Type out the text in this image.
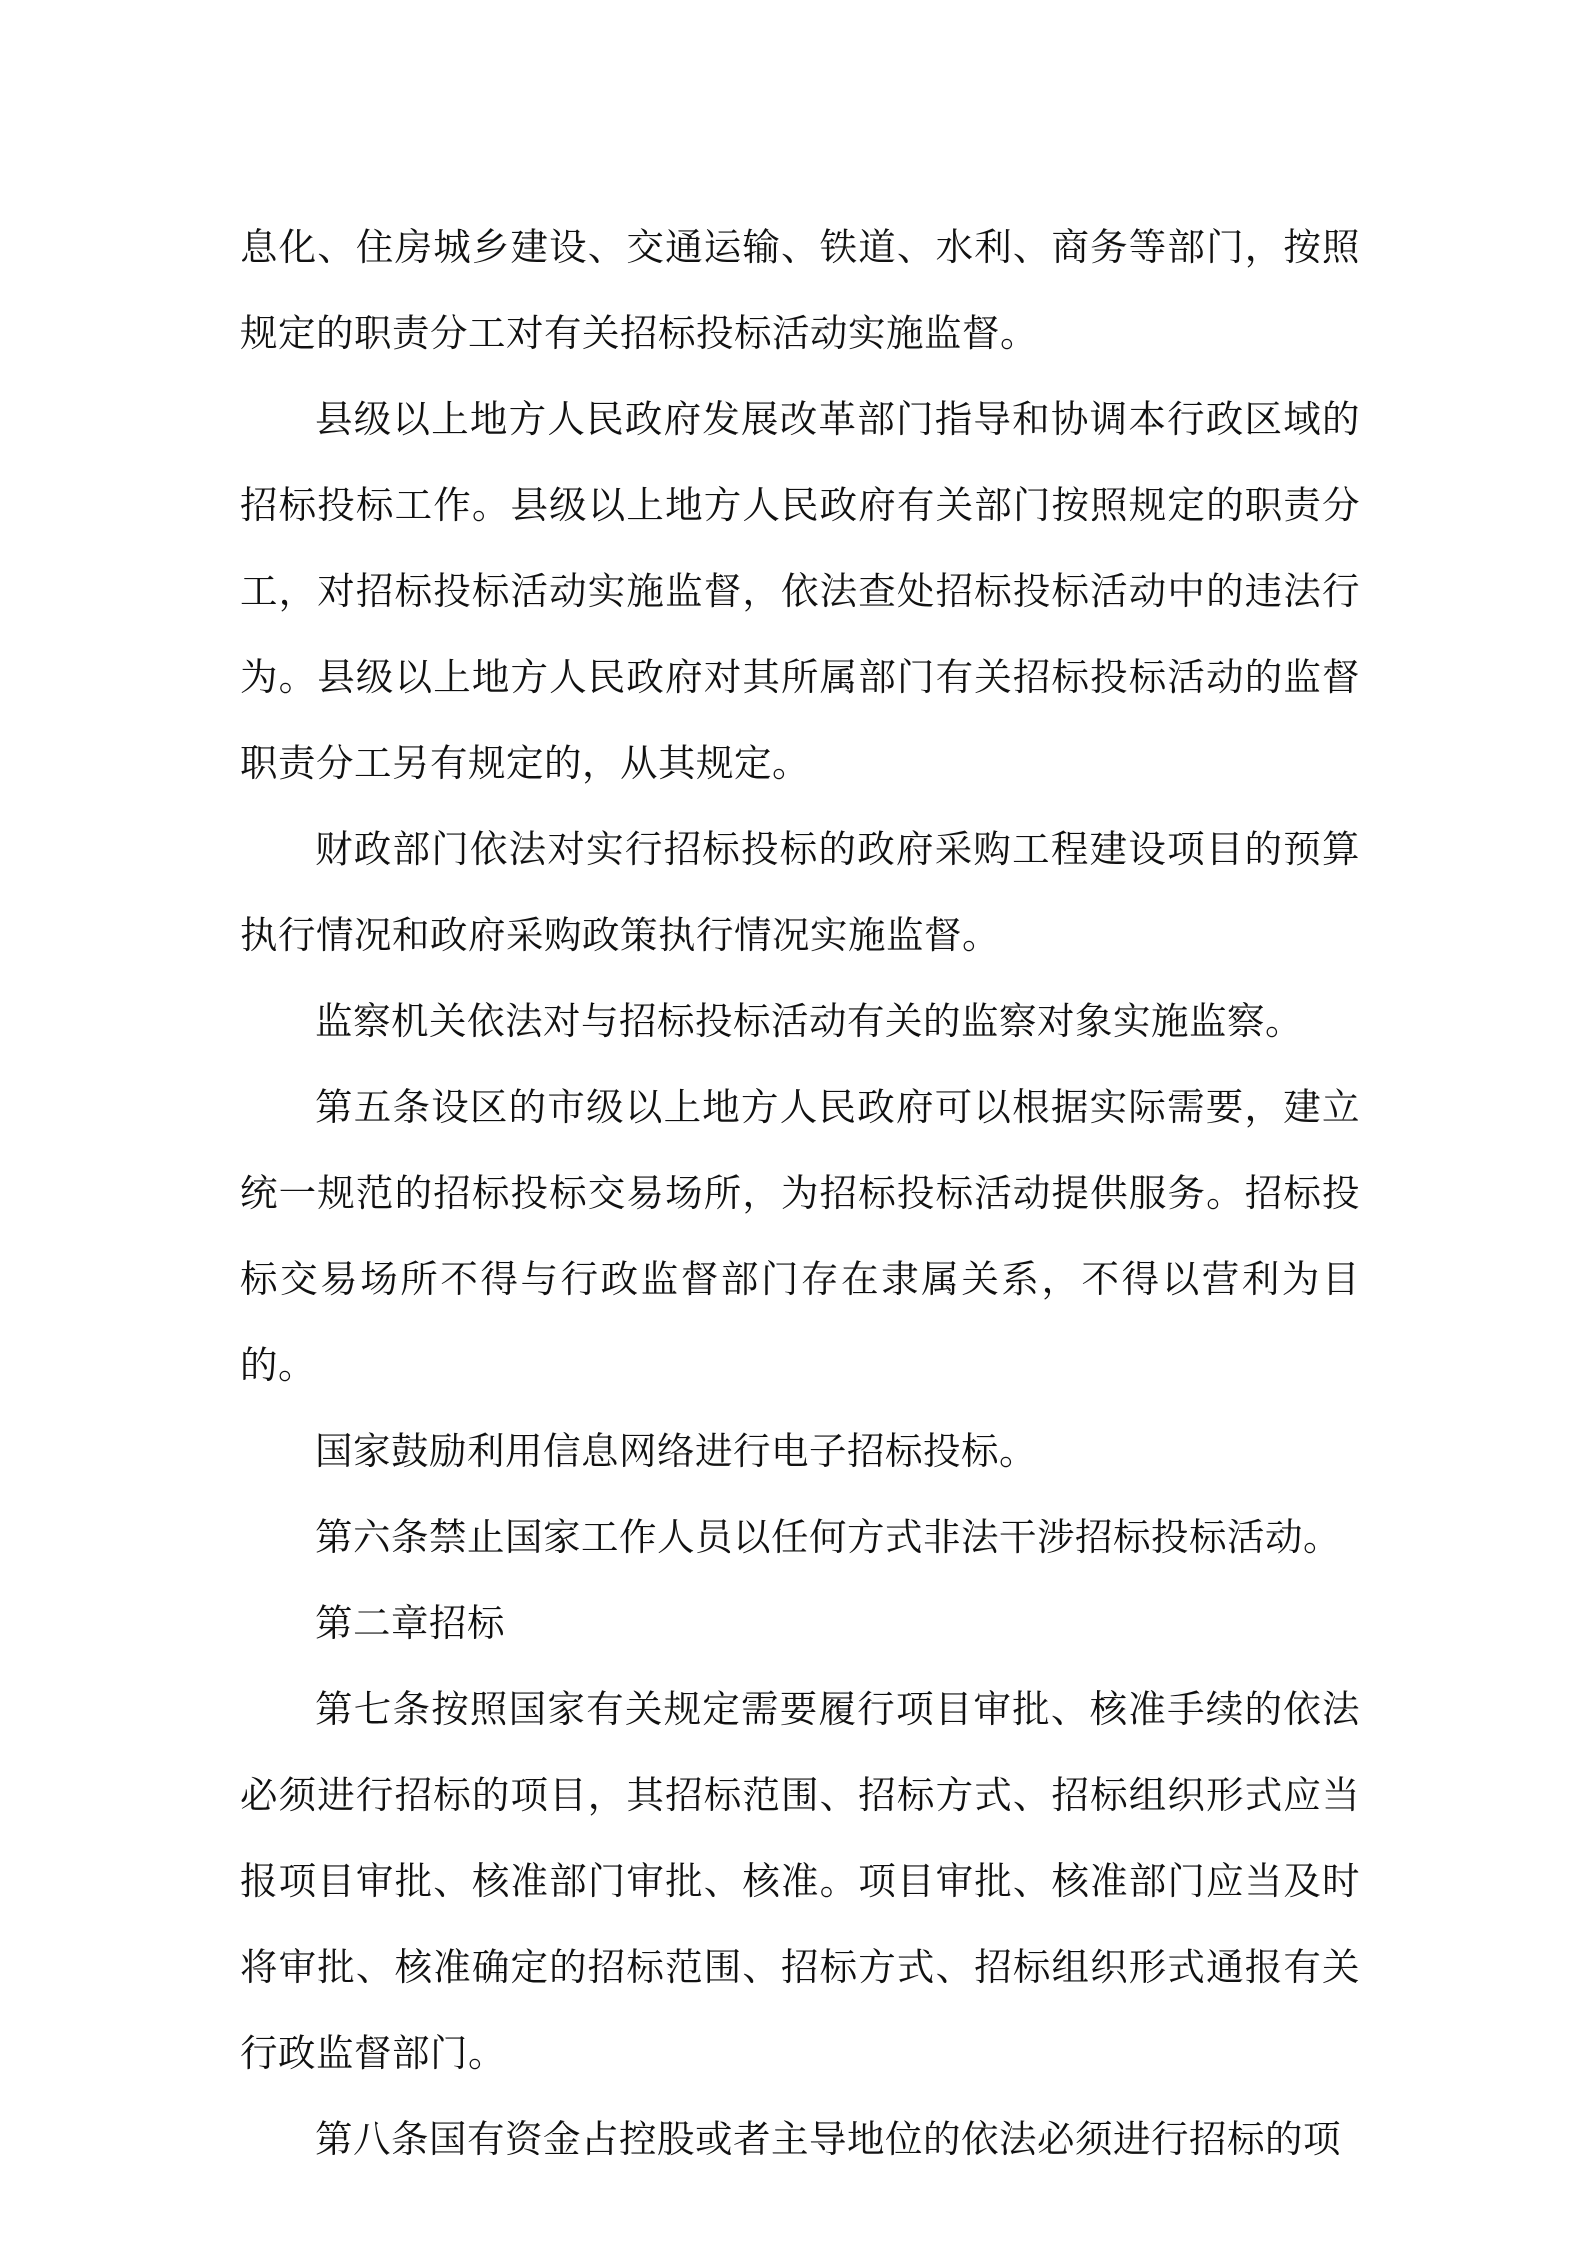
息化、住房城乡建设、交通运输、铁道、水利、商务等部门，按照规定的职责分工对有关招标投标活动实施监督。

县级以上地方人民政府发展改革部门指导和协调本行政区域的招标投标工作。县级以上地方人民政府有关部门按照规定的职责分工，对招标投标活动实施监督，依法查处招标投标活动中的违法行为。县级以上地方人民政府对其所属部门有关招标投标活动的监督职责分工另有规定的，从其规定。

财政部门依法对实行招标投标的政府采购工程建设项目的预算执行情况和政府采购政策执行情况实施监督。

监察机关依法对与招标投标活动有关的监察对象实施监察。

第五条设区的市级以上地方人民政府可以根据实际需要，建立统一规范的招标投标交易场所，为招标投标活动提供服务。招标投标交易场所不得与行政监督部门存在隶属关系，不得以营利为目的。

国家鼓励利用信息网络进行电子招标投标。

第六条禁止国家工作人员以任何方式非法干涉招标投标活动。

第二章招标

第七条按照国家有关规定需要履行项目审批、核准手续的依法必须进行招标的项目，其招标范围、招标方式、招标组织形式应当报项目审批、核准部门审批、核准。项目审批、核准部门应当及时将审批、核准确定的招标范围、招标方式、招标组织形式通报有关行政监督部门。

第八条国有资金占控股或者主导地位的依法必须进行招标的项
